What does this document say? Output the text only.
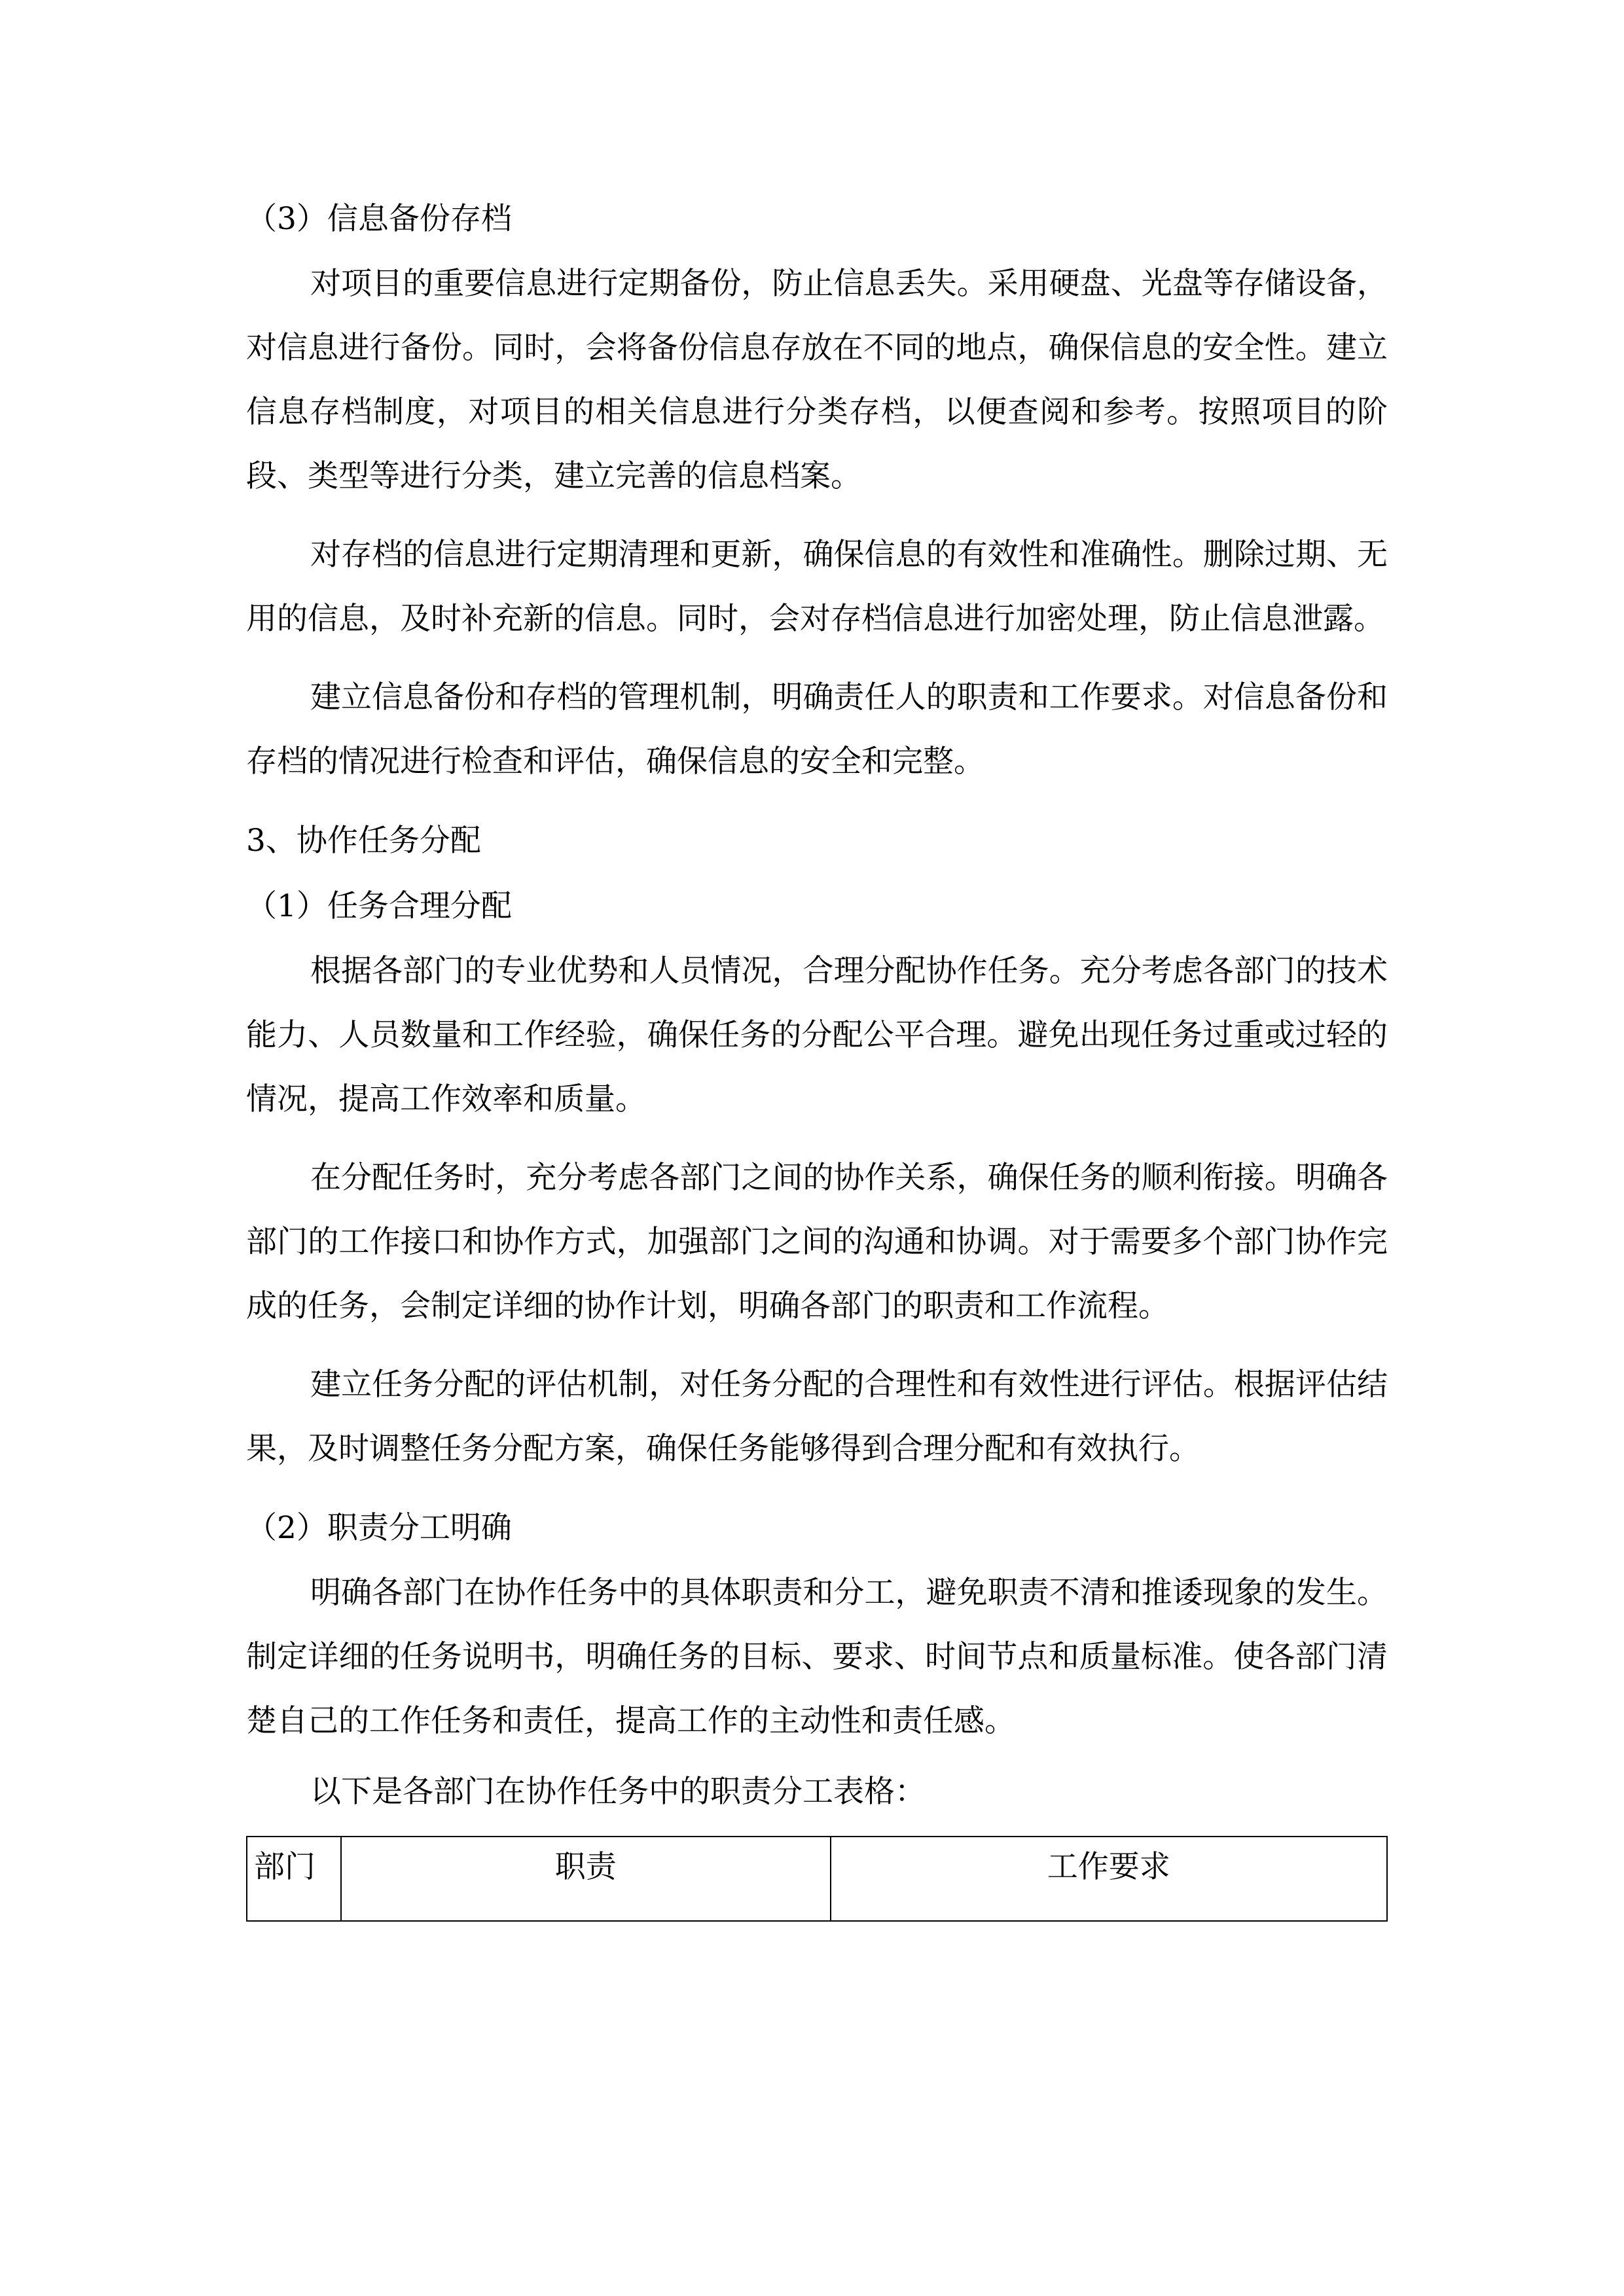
（3）信息备份存档

对项目的重要信息进行定期备份，防止信息丢失。采用硬盘、光盘等存储设备，对信息进行备份。同时，会将备份信息存放在不同的地点，确保信息的安全性。建立信息存档制度，对项目的相关信息进行分类存档，以便查阅和参考。按照项目的阶段、类型等进行分类，建立完善的信息档案。

对存档的信息进行定期清理和更新，确保信息的有效性和准确性。删除过期、无用的信息，及时补充新的信息。同时，会对存档信息进行加密处理，防止信息泄露。

建立信息备份和存档的管理机制，明确责任人的职责和工作要求。对信息备份和存档的情况进行检查和评估，确保信息的安全和完整。

3、协作任务分配

（1）任务合理分配

根据各部门的专业优势和人员情况，合理分配协作任务。充分考虑各部门的技术能力、人员数量和工作经验，确保任务的分配公平合理。避免出现任务过重或过轻的情况，提高工作效率和质量。

在分配任务时，充分考虑各部门之间的协作关系，确保任务的顺利衔接。明确各部门的工作接口和协作方式，加强部门之间的沟通和协调。对于需要多个部门协作完成的任务，会制定详细的协作计划，明确各部门的职责和工作流程。

建立任务分配的评估机制，对任务分配的合理性和有效性进行评估。根据评估结果，及时调整任务分配方案，确保任务能够得到合理分配和有效执行。

（2）职责分工明确

明确各部门在协作任务中的具体职责和分工，避免职责不清和推诿现象的发生。制定详细的任务说明书，明确任务的目标、要求、时间节点和质量标准。使各部门清楚自己的工作任务和责任，提高工作的主动性和责任感。

以下是各部门在协作任务中的职责分工表格：

部门	职责	工作要求
